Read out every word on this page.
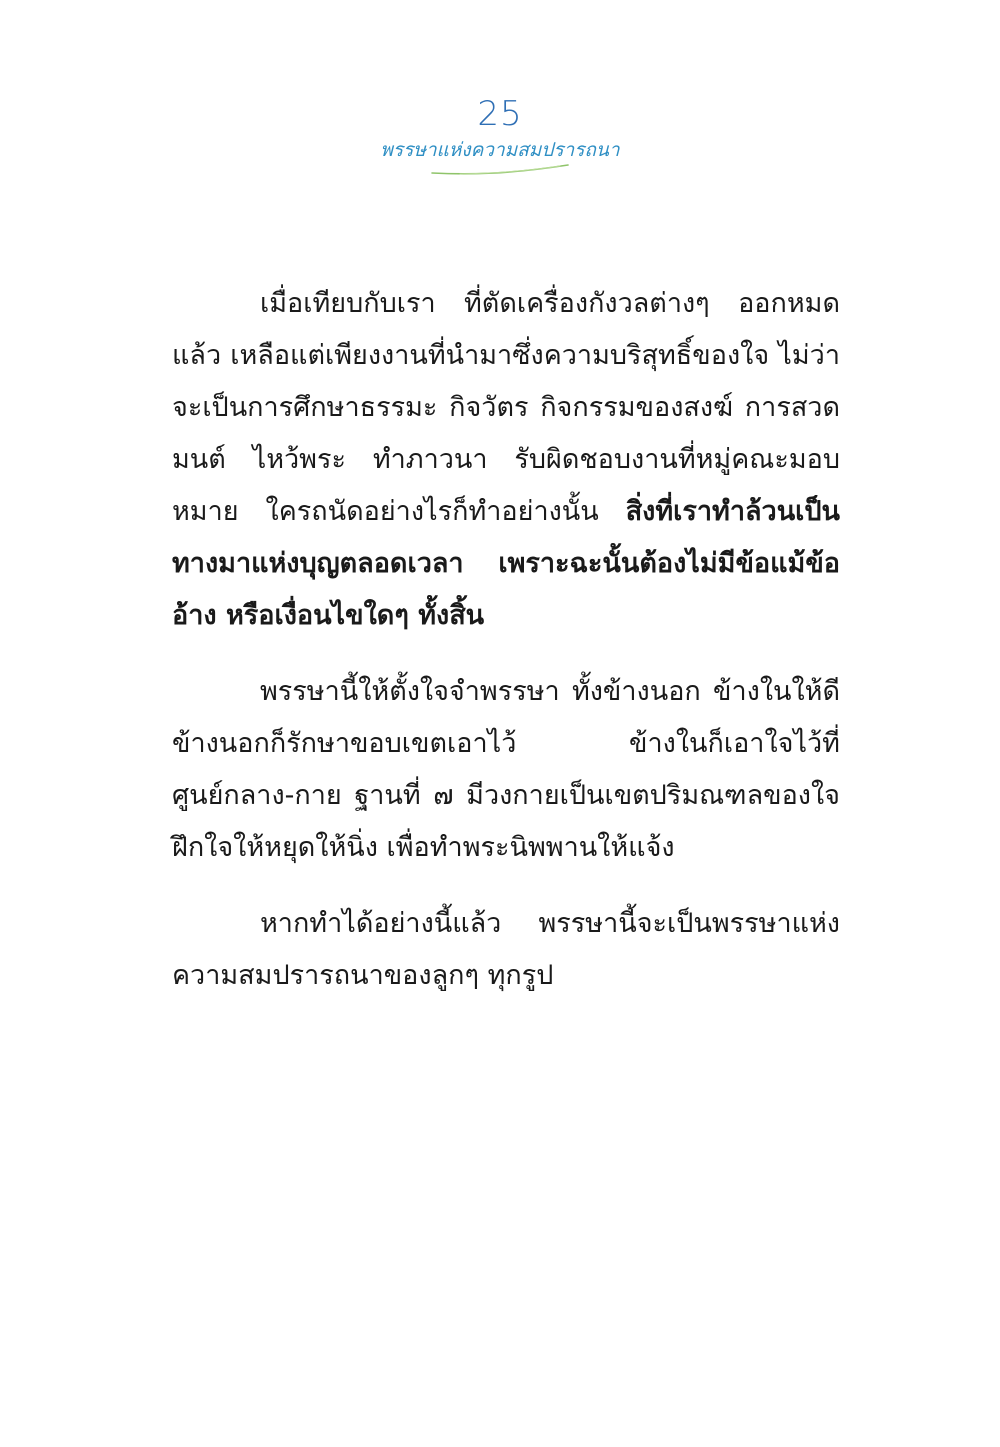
25
พรรษาแห่งความสมปรารถนา

เมื่อเทียบกับเรา ที่ตัดเครื่องกังวลต่างๆ ออกหมดแล้ว เหลือแต่เพียงงานที่นำมาซึ่งความบริสุทธิ์ของใจ ไม่ว่าจะเป็นการศึกษาธรรมะ กิจวัตร กิจกรรมของสงฆ์ การสวดมนต์ ไหว้พระ ทำภาวนา รับผิดชอบงานที่หมู่คณะมอบหมาย ใครถนัดอย่างไรก็ทำอย่างนั้น สิ่งที่เราทำล้วนเป็นทางมาแห่งบุญตลอดเวลา เพราะฉะนั้นต้องไม่มีข้อแม้ข้ออ้าง หรือเงื่อนไขใดๆ ทั้งสิ้น

พรรษานี้ให้ตั้งใจจำพรรษา ทั้งข้างนอก ข้างในให้ดี ข้างนอกก็รักษาขอบเขตเอาไว้ ข้างในก็เอาใจไว้ที่ศูนย์กลาง-กาย ฐานที่ ๗ มีวงกายเป็นเขตปริมณฑลของใจ ฝึกใจให้หยุดให้นิ่ง เพื่อทำพระนิพพานให้แจ้ง

หากทำได้อย่างนี้แล้ว พรรษานี้จะเป็นพรรษาแห่งความสมปรารถนาของลูกๆ ทุกรูป
